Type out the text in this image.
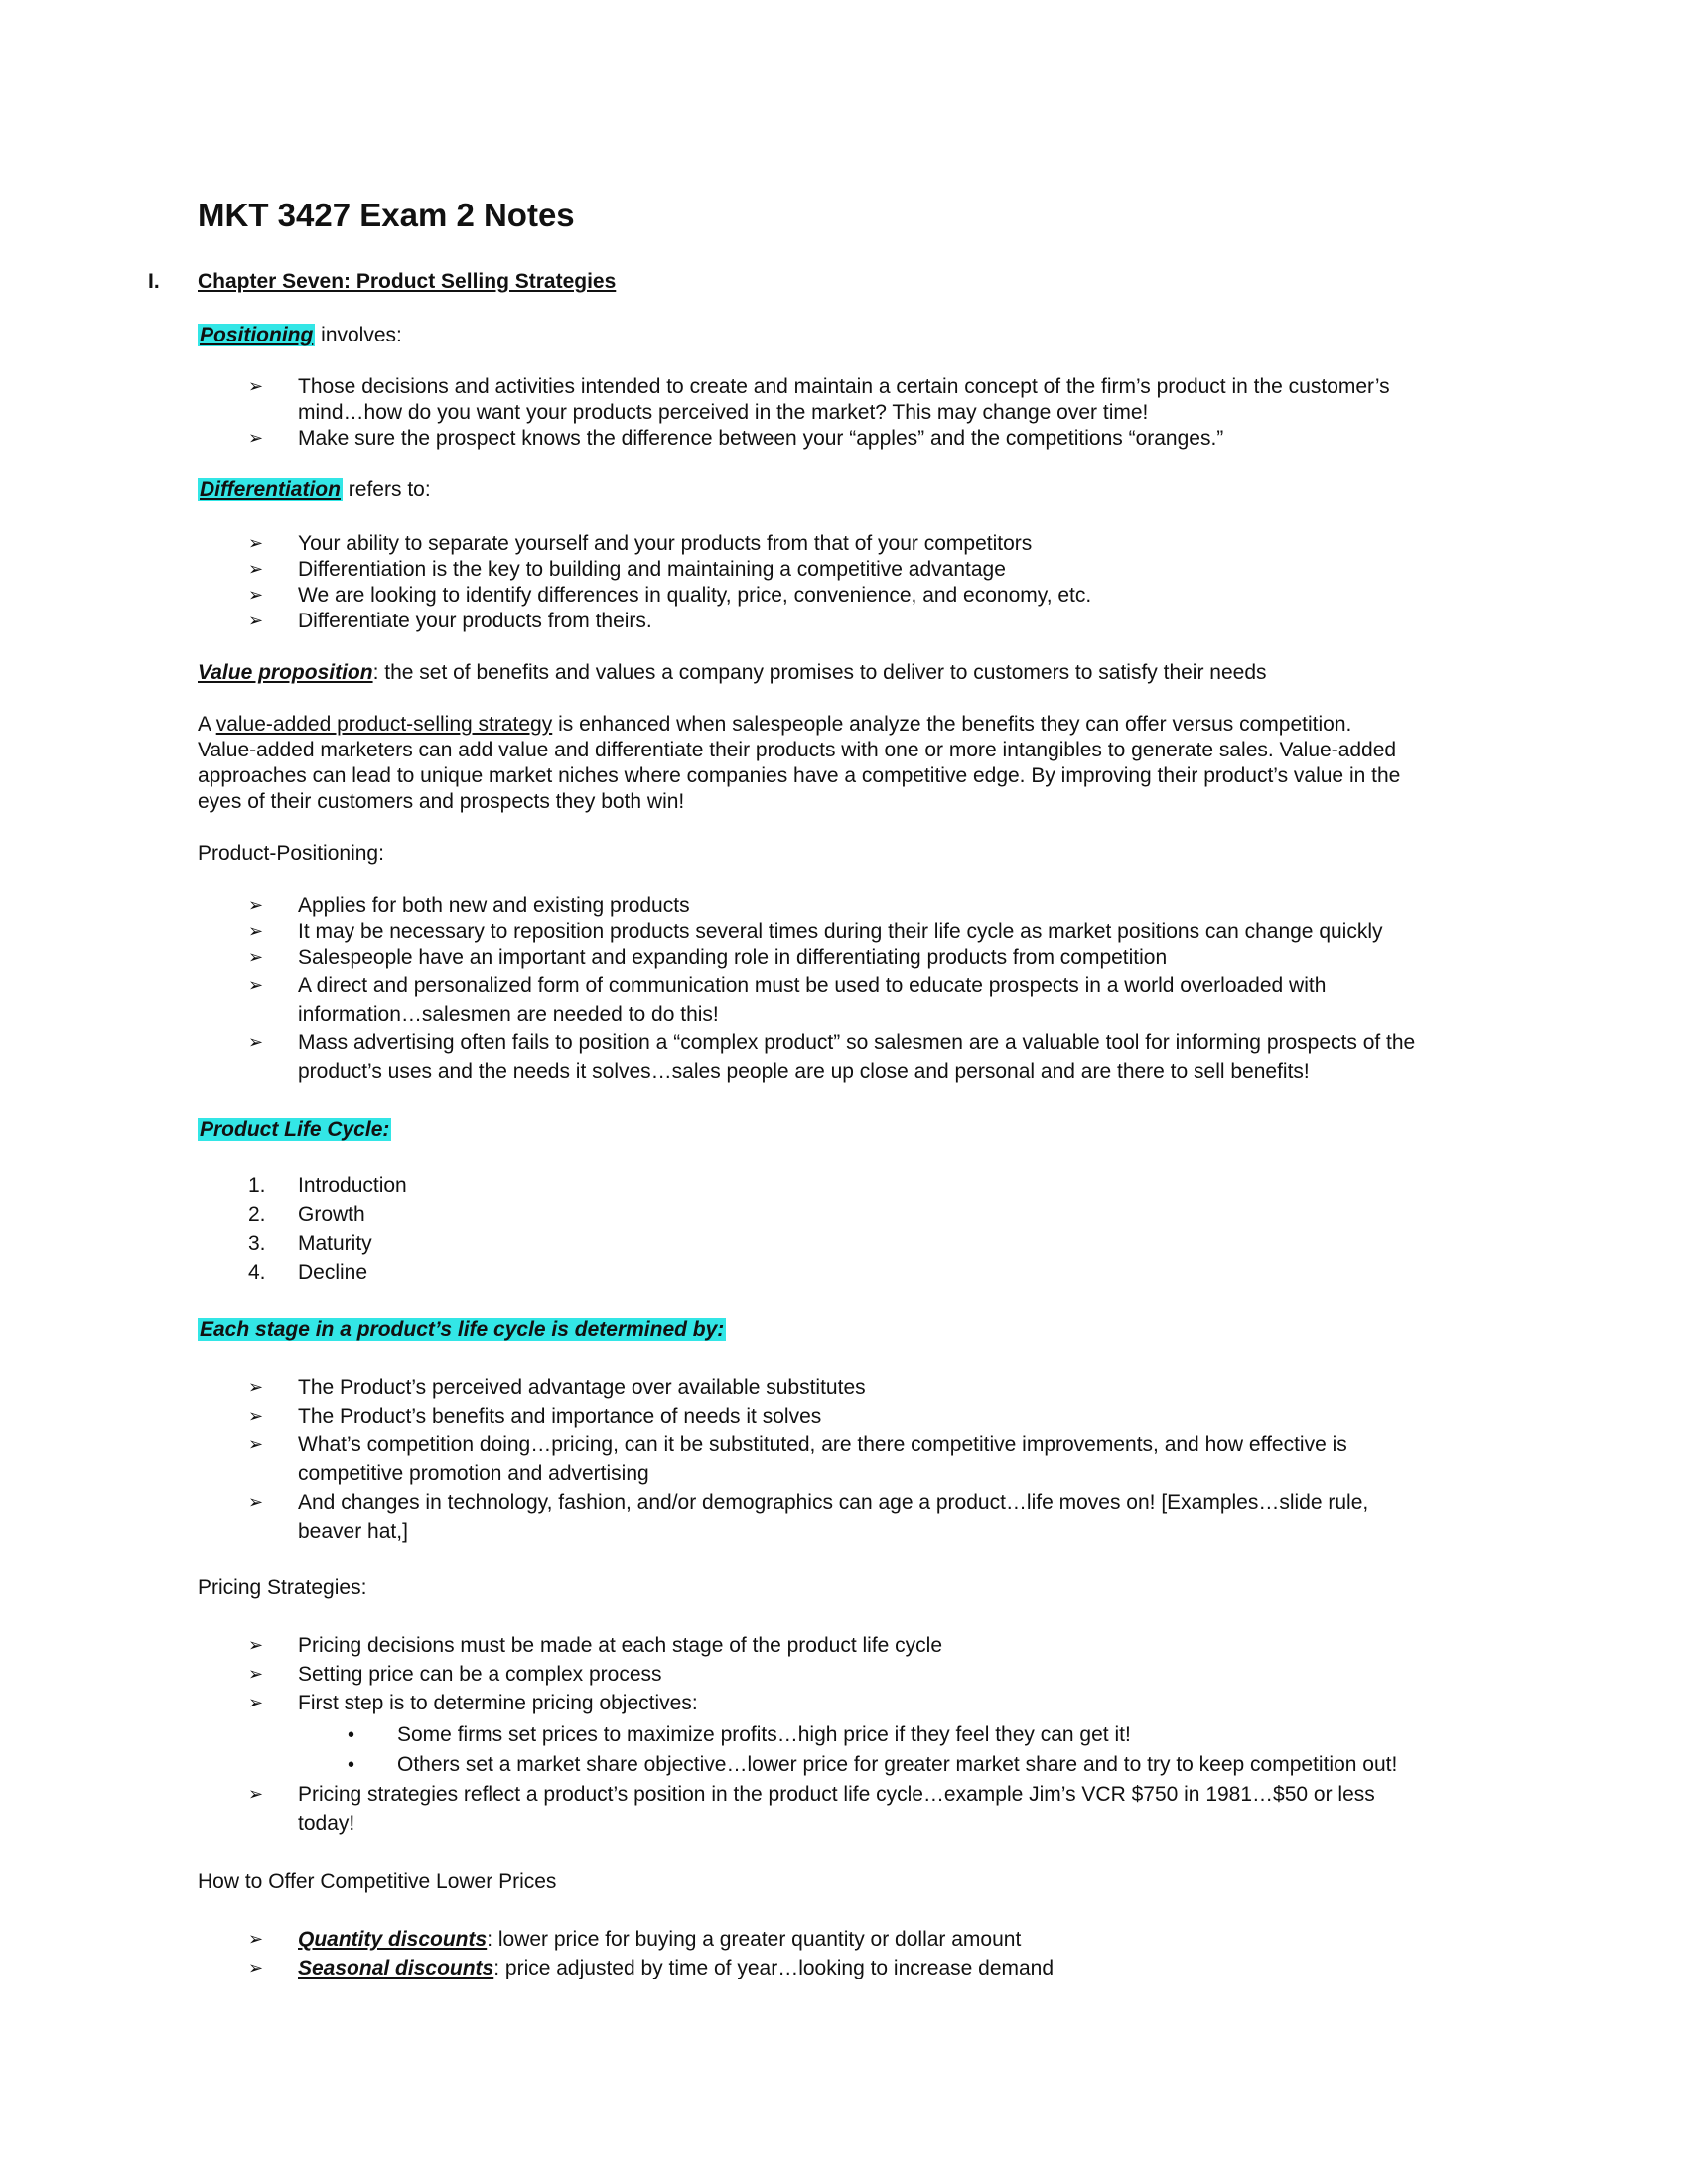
MKT 3427 Exam 2 Notes
I. Chapter Seven: Product Selling Strategies
Positioning involves:
➢ Those decisions and activities intended to create and maintain a certain concept of the firm’s product in the customer’s
mind…how do you want your products perceived in the market? This may change over time!
➢ Make sure the prospect knows the difference between your “apples” and the competitions “oranges.”
Differentiation refers to:
➢ Your ability to separate yourself and your products from that of your competitors
➢ Differentiation is the key to building and maintaining a competitive advantage
➢ We are looking to identify differences in quality, price, convenience, and economy, etc.
➢ Differentiate your products from theirs.
Value proposition: the set of benefits and values a company promises to deliver to customers to satisfy their needs
A value-added product-selling strategy is enhanced when salespeople analyze the benefits they can offer versus competition.
Value-added marketers can add value and differentiate their products with one or more intangibles to generate sales. Value-added
approaches can lead to unique market niches where companies have a competitive edge. By improving their product’s value in the
eyes of their customers and prospects they both win!
Product-Positioning:
➢ Applies for both new and existing products
➢ It may be necessary to reposition products several times during their life cycle as market positions can change quickly
➢ Salespeople have an important and expanding role in differentiating products from competition
➢ A direct and personalized form of communication must be used to educate prospects in a world overloaded with
information…salesmen are needed to do this!
➢ Mass advertising often fails to position a “complex product” so salesmen are a valuable tool for informing prospects of the
product’s uses and the needs it solves…sales people are up close and personal and are there to sell benefits!
Product Life Cycle:
1. Introduction
2. Growth
3. Maturity
4. Decline
Each stage in a product’s life cycle is determined by:
➢ The Product’s perceived advantage over available substitutes
➢ The Product’s benefits and importance of needs it solves
➢ What’s competition doing…pricing, can it be substituted, are there competitive improvements, and how effective is
competitive promotion and advertising
➢ And changes in technology, fashion, and/or demographics can age a product…life moves on! [Examples…slide rule,
beaver hat,]
Pricing Strategies:
➢ Pricing decisions must be made at each stage of the product life cycle
➢ Setting price can be a complex process
➢ First step is to determine pricing objectives:
• Some firms set prices to maximize profits…high price if they feel they can get it!
• Others set a market share objective…lower price for greater market share and to try to keep competition out!
➢ Pricing strategies reflect a product’s position in the product life cycle…example Jim’s VCR $750 in 1981…$50 or less
today!
How to Offer Competitive Lower Prices
➢ Quantity discounts: lower price for buying a greater quantity or dollar amount
➢ Seasonal discounts: price adjusted by time of year…looking to increase demand
